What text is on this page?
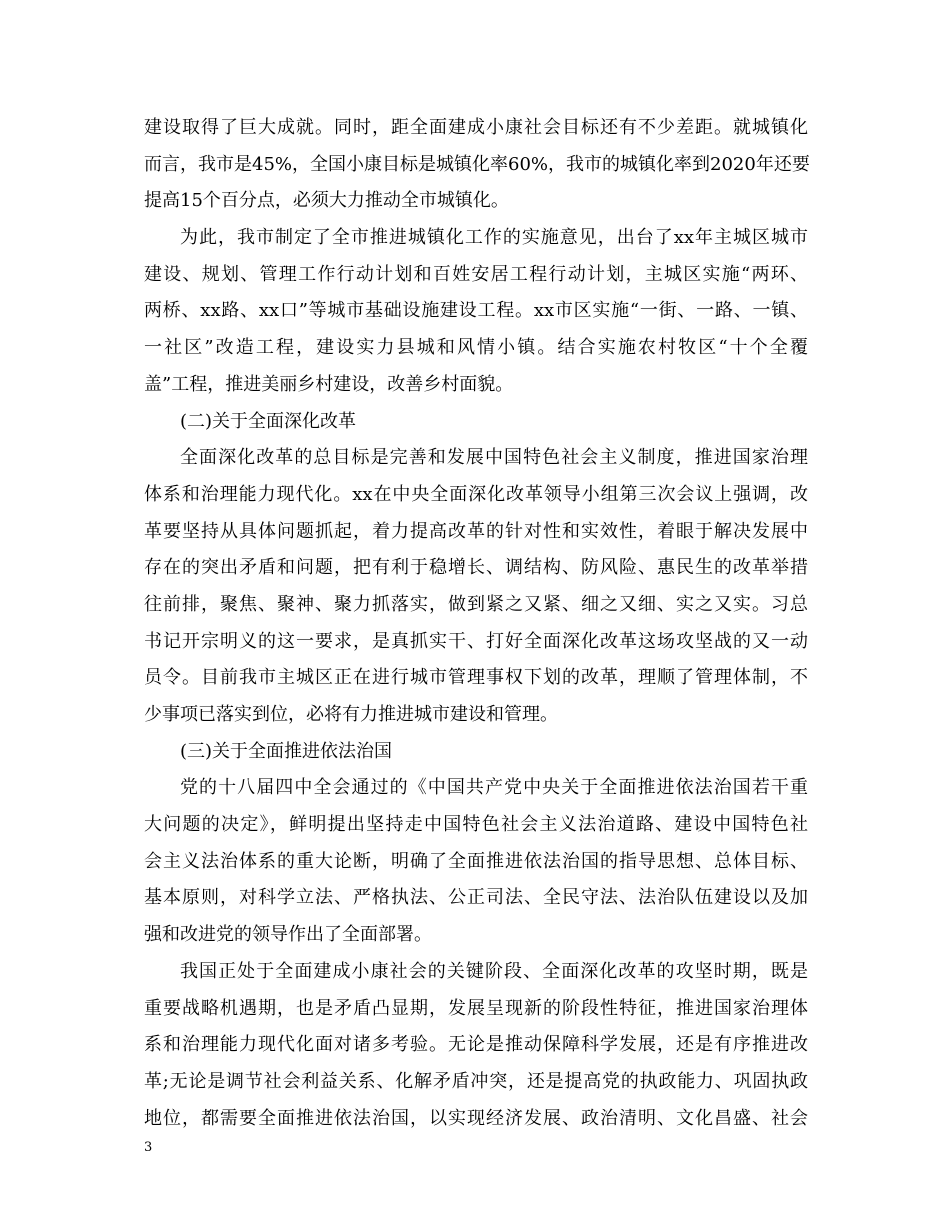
建设取得了巨大成就。同时，距全面建成小康社会目标还有不少差距。就城镇化

而言，我市是45%，全国小康目标是城镇化率60%，我市的城镇化率到2020年还要

提高15个百分点，必须大力推动全市城镇化。

为此，我市制定了全市推进城镇化工作的实施意见，出台了xx年主城区城市

建设、规划、管理工作行动计划和百姓安居工程行动计划，主城区实施“两环、

两桥、xx路、xx口”等城市基础设施建设工程。xx市区实施“一街、一路、一镇、

一社区”改造工程，建设实力县城和风情小镇。结合实施农村牧区“十个全覆

盖”工程，推进美丽乡村建设，改善乡村面貌。

(二)关于全面深化改革

全面深化改革的总目标是完善和发展中国特色社会主义制度，推进国家治理

体系和治理能力现代化。xx在中央全面深化改革领导小组第三次会议上强调，改

革要坚持从具体问题抓起，着力提高改革的针对性和实效性，着眼于解决发展中

存在的突出矛盾和问题，把有利于稳增长、调结构、防风险、惠民生的改革举措

往前排，聚焦、聚神、聚力抓落实，做到紧之又紧、细之又细、实之又实。习总

书记开宗明义的这一要求，是真抓实干、打好全面深化改革这场攻坚战的又一动

员令。目前我市主城区正在进行城市管理事权下划的改革，理顺了管理体制，不

少事项已落实到位，必将有力推进城市建设和管理。

(三)关于全面推进依法治国

党的十八届四中全会通过的《中国共产党中央关于全面推进依法治国若干重

大问题的决定》，鲜明提出坚持走中国特色社会主义法治道路、建设中国特色社

会主义法治体系的重大论断，明确了全面推进依法治国的指导思想、总体目标、

基本原则，对科学立法、严格执法、公正司法、全民守法、法治队伍建设以及加

强和改进党的领导作出了全面部署。

我国正处于全面建成小康社会的关键阶段、全面深化改革的攻坚时期，既是

重要战略机遇期，也是矛盾凸显期，发展呈现新的阶段性特征，推进国家治理体

系和治理能力现代化面对诸多考验。无论是推动保障科学发展，还是有序推进改

革;无论是调节社会利益关系、化解矛盾冲突，还是提高党的执政能力、巩固执政

地位，都需要全面推进依法治国，以实现经济发展、政治清明、文化昌盛、社会

3
